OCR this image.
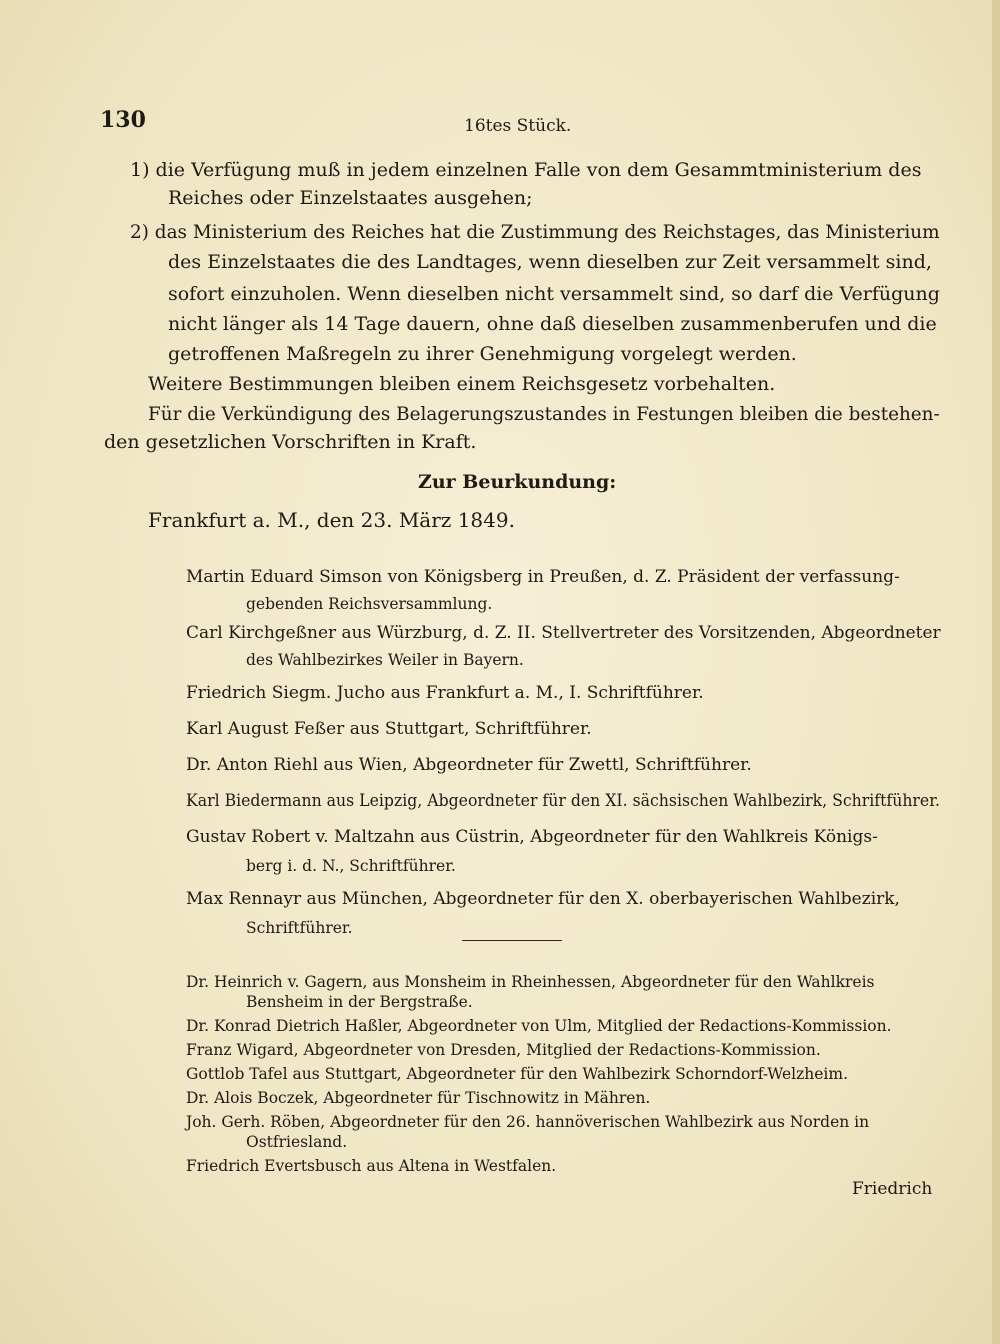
130	16tes Stück.
1) die Verfügung muß in jedem einzelnen Falle von dem Gesammtministerium des
Reiches oder Einzelstaates ausgehen;
2) das Ministerium des Reiches hat die Zustimmung des Reichstages, das Ministerium
des Einzelstaates die des Landtages, wenn dieselben zur Zeit versammelt sind,
sofort einzuholen. Wenn dieselben nicht versammelt sind, so darf die Verfügung
nicht länger als 14 Tage dauern, ohne daß dieselben zusammenberufen und die
getroffenen Maßregeln zu ihrer Genehmigung vorgelegt werden.
Weitere Bestimmungen bleiben einem Reichsgesetz vorbehalten.
Für die Verkündigung des Belagerungszustandes in Festungen bleiben die bestehen-
den gesetzlichen Vorschriften in Kraft.
Zur Beurkundung:
Frankfurt a. M., den 23. März 1849.
Martin Eduard Simson von Königsberg in Preußen, d. Z. Präsident der verfassung-
gebenden Reichsversammlung.
Carl Kirchgeßner aus Würzburg, d. Z. II. Stellvertreter des Vorsitzenden, Abgeordneter
des Wahlbezirkes Weiler in Bayern.
Friedrich Siegm. Jucho aus Frankfurt a. M., I. Schriftführer.
Karl August Feßer aus Stuttgart, Schriftführer.
Dr. Anton Riehl aus Wien, Abgeordneter für Zwettl, Schriftführer.
Karl Biedermann aus Leipzig, Abgeordneter für den XI. sächsischen Wahlbezirk, Schriftführer.
Gustav Robert v. Maltzahn aus Cüstrin, Abgeordneter für den Wahlkreis Königs-
berg i. d. N., Schriftführer.
Max Rennayr aus München, Abgeordneter für den X. oberbayerischen Wahlbezirk,
Schriftführer.
Dr. Heinrich v. Gagern, aus Monsheim in Rheinhessen, Abgeordneter für den Wahlkreis
Bensheim in der Bergstraße.
Dr. Konrad Dietrich Haßler, Abgeordneter von Ulm, Mitglied der Redactions-Kommission.
Franz Wigard, Abgeordneter von Dresden, Mitglied der Redactions-Kommission.
Gottlob Tafel aus Stuttgart, Abgeordneter für den Wahlbezirk Schorndorf-Welzheim.
Dr. Alois Boczek, Abgeordneter für Tischnowitz in Mähren.
Joh. Gerh. Röben, Abgeordneter für den 26. hannöverischen Wahlbezirk aus Norden in
Ostfriesland.
Friedrich Evertsbusch aus Altena in Westfalen.
Friedrich
